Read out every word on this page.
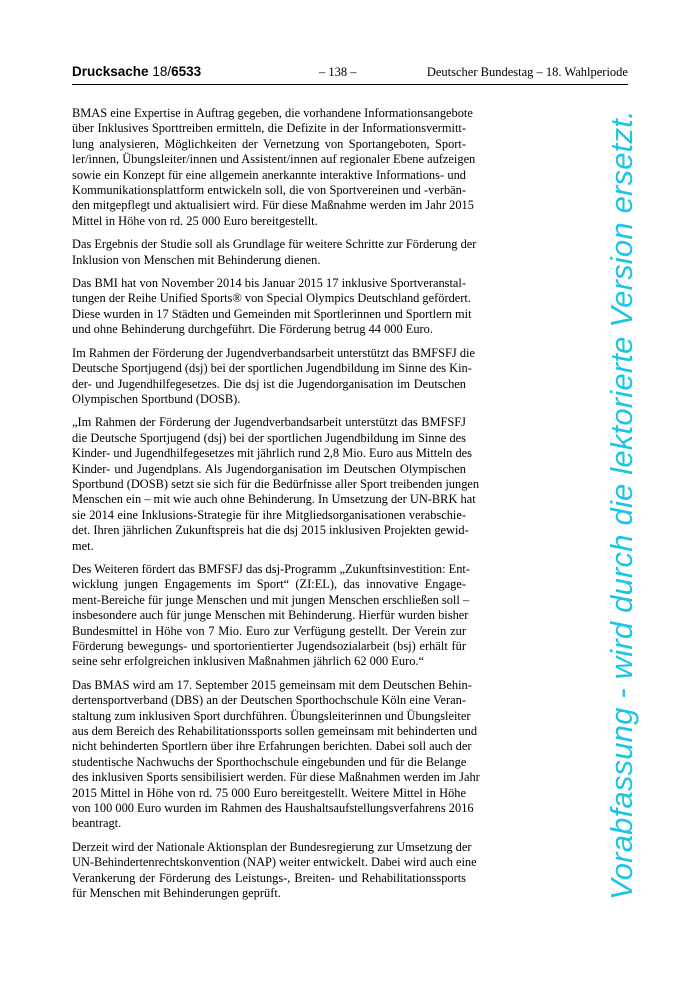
Drucksache 18/6533	– 138 –	Deutscher Bundestag – 18. Wahlperiode

BMAS eine Expertise in Auftrag gegeben, die vorhandene Informationsangebote
über Inklusives Sporttreiben ermitteln, die Defizite in der Informationsvermitt-
lung analysieren, Möglichkeiten der Vernetzung von Sportangeboten, Sport-
ler/innen, Übungsleiter/innen und Assistent/innen auf regionaler Ebene aufzeigen
sowie ein Konzept für eine allgemein anerkannte interaktive Informations- und
Kommunikationsplattform entwickeln soll, die von Sportvereinen und -verbän-
den mitgepflegt und aktualisiert wird. Für diese Maßnahme werden im Jahr 2015
Mittel in Höhe von rd. 25 000 Euro bereitgestellt.

Das Ergebnis der Studie soll als Grundlage für weitere Schritte zur Förderung der
Inklusion von Menschen mit Behinderung dienen.

Das BMI hat von November 2014 bis Januar 2015 17 inklusive Sportveranstal-
tungen der Reihe Unified Sports® von Special Olympics Deutschland gefördert.
Diese wurden in 17 Städten und Gemeinden mit Sportlerinnen und Sportlern mit
und ohne Behinderung durchgeführt. Die Förderung betrug 44 000 Euro.

Im Rahmen der Förderung der Jugendverbandsarbeit unterstützt das BMFSFJ die
Deutsche Sportjugend (dsj) bei der sportlichen Jugendbildung im Sinne des Kin-
der- und Jugendhilfegesetzes. Die dsj ist die Jugendorganisation im Deutschen
Olympischen Sportbund (DOSB).

„Im Rahmen der Förderung der Jugendverbandsarbeit unterstützt das BMFSFJ
die Deutsche Sportjugend (dsj) bei der sportlichen Jugendbildung im Sinne des
Kinder- und Jugendhilfegesetzes mit jährlich rund 2,8 Mio. Euro aus Mitteln des
Kinder- und Jugendplans. Als Jugendorganisation im Deutschen Olympischen
Sportbund (DOSB) setzt sie sich für die Bedürfnisse aller Sport treibenden jungen
Menschen ein – mit wie auch ohne Behinderung. In Umsetzung der UN-BRK hat
sie 2014 eine Inklusions-Strategie für ihre Mitgliedsorganisationen verabschie-
det. Ihren jährlichen Zukunftspreis hat die dsj 2015 inklusiven Projekten gewid-
met.

Des Weiteren fördert das BMFSFJ das dsj-Programm „Zukunftsinvestition: Ent-
wicklung jungen Engagements im Sport“ (ZI:EL), das innovative Engage-
ment-Bereiche für junge Menschen und mit jungen Menschen erschließen soll –
insbesondere auch für junge Menschen mit Behinderung. Hierfür wurden bisher
Bundesmittel in Höhe von 7 Mio. Euro zur Verfügung gestellt. Der Verein zur
Förderung bewegungs- und sportorientierter Jugendsozialarbeit (bsj) erhält für
seine sehr erfolgreichen inklusiven Maßnahmen jährlich 62 000 Euro.“

Das BMAS wird am 17. September 2015 gemeinsam mit dem Deutschen Behin-
dertensportverband (DBS) an der Deutschen Sporthochschule Köln eine Veran-
staltung zum inklusiven Sport durchführen. Übungsleiterinnen und Übungsleiter
aus dem Bereich des Rehabilitationssports sollen gemeinsam mit behinderten und
nicht behinderten Sportlern über ihre Erfahrungen berichten. Dabei soll auch der
studentische Nachwuchs der Sporthochschule eingebunden und für die Belange
des inklusiven Sports sensibilisiert werden. Für diese Maßnahmen werden im Jahr
2015 Mittel in Höhe von rd. 75 000 Euro bereitgestellt. Weitere Mittel in Höhe
von 100 000 Euro wurden im Rahmen des Haushaltsaufstellungsverfahrens 2016
beantragt.

Derzeit wird der Nationale Aktionsplan der Bundesregierung zur Umsetzung der
UN-Behindertenrechtskonvention (NAP) weiter entwickelt. Dabei wird auch eine
Verankerung der Förderung des Leistungs-, Breiten- und Rehabilitationssports
für Menschen mit Behinderungen geprüft.	Vorabfassung - wird durch die lektorierte Version ersetzt.
